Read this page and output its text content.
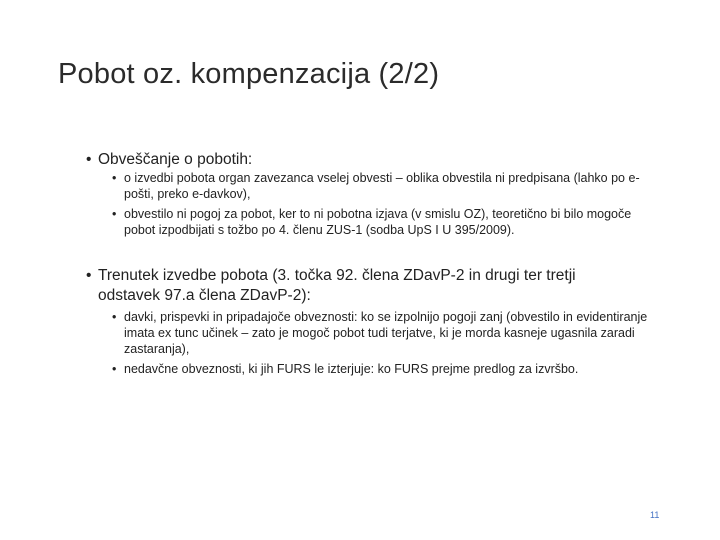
Pobot oz. kompenzacija (2/2)
• Obveščanje o pobotih:
• o izvedbi pobota organ zavezanca vselej obvesti – oblika obvestila ni predpisana (lahko po e-pošti, preko e-davkov),
• obvestilo ni pogoj za pobot, ker to ni pobotna izjava (v smislu OZ), teoretično bi bilo mogoče pobot izpodbijati s tožbo po 4. členu ZUS-1 (sodba UpS I U 395/2009).
• Trenutek izvedbe pobota (3. točka 92. člena ZDavP-2 in drugi ter tretji odstavek 97.a člena ZDavP-2):
• davki, prispevki in pripadajoče obveznosti: ko se izpolnijo pogoji zanj (obvestilo in evidentiranje imata ex tunc učinek – zato je mogoč pobot tudi terjatve, ki je morda kasneje ugasnila zaradi zastaranja),
• nedavčne obveznosti, ki jih FURS le izterjuje: ko FURS prejme predlog za izvršbo.
11
